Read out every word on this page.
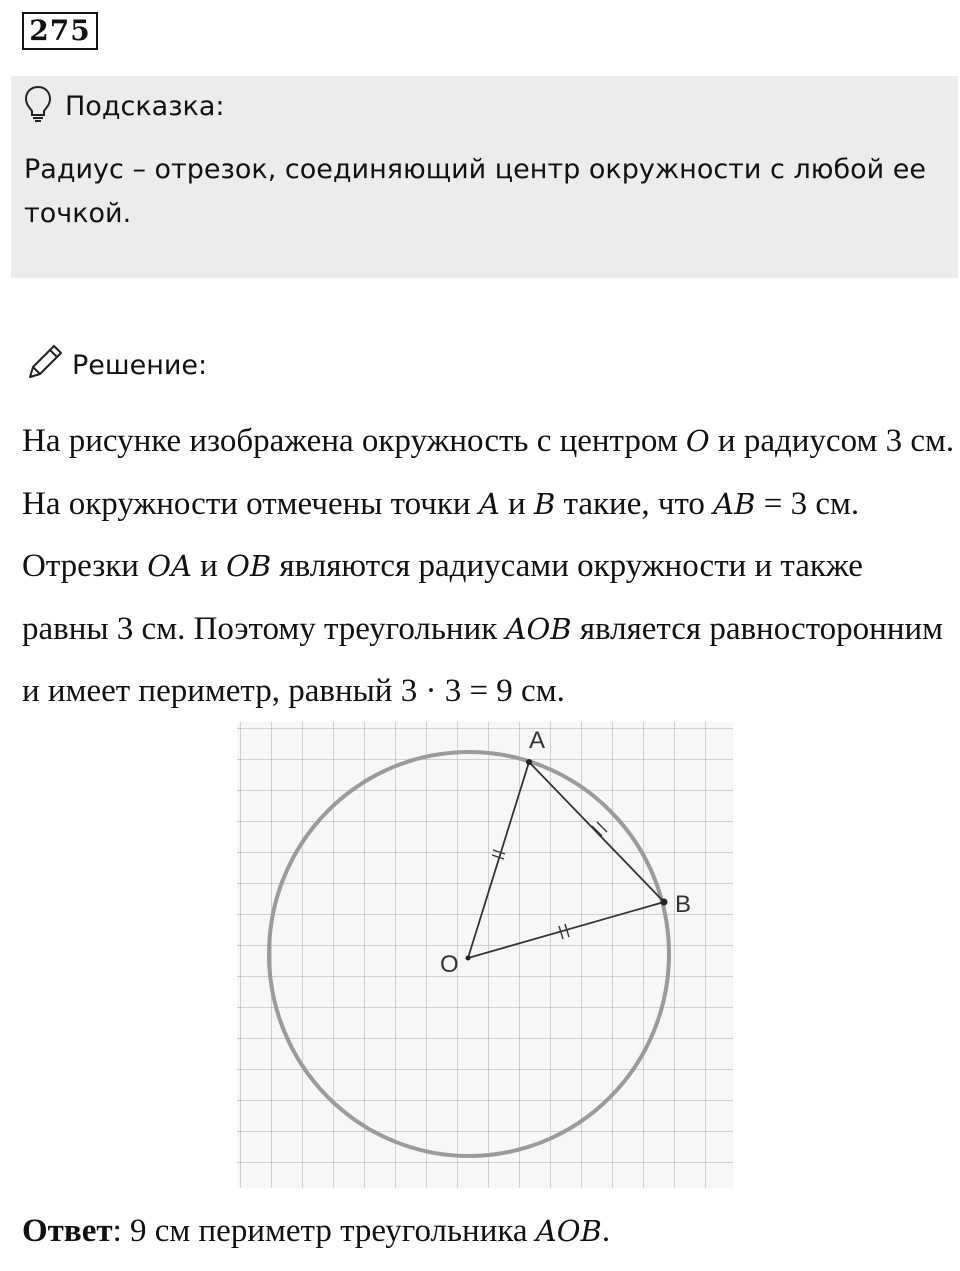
275
Подсказка:
Радиус – отрезок, соединяющий центр окружности с любой ее точкой.
Решение:
На рисунке изображена окружность с центром O и радиусом 3 см. На окружности отмечены точки A и B такие, что AB = 3 см. Отрезки OA и OB являются радиусами окружности и также равны 3 см. Поэтому треугольник AOB является равносторонним и имеет периметр, равный 3 · 3 = 9 см.
A
B
O
Ответ: 9 см периметр треугольника AOB.
